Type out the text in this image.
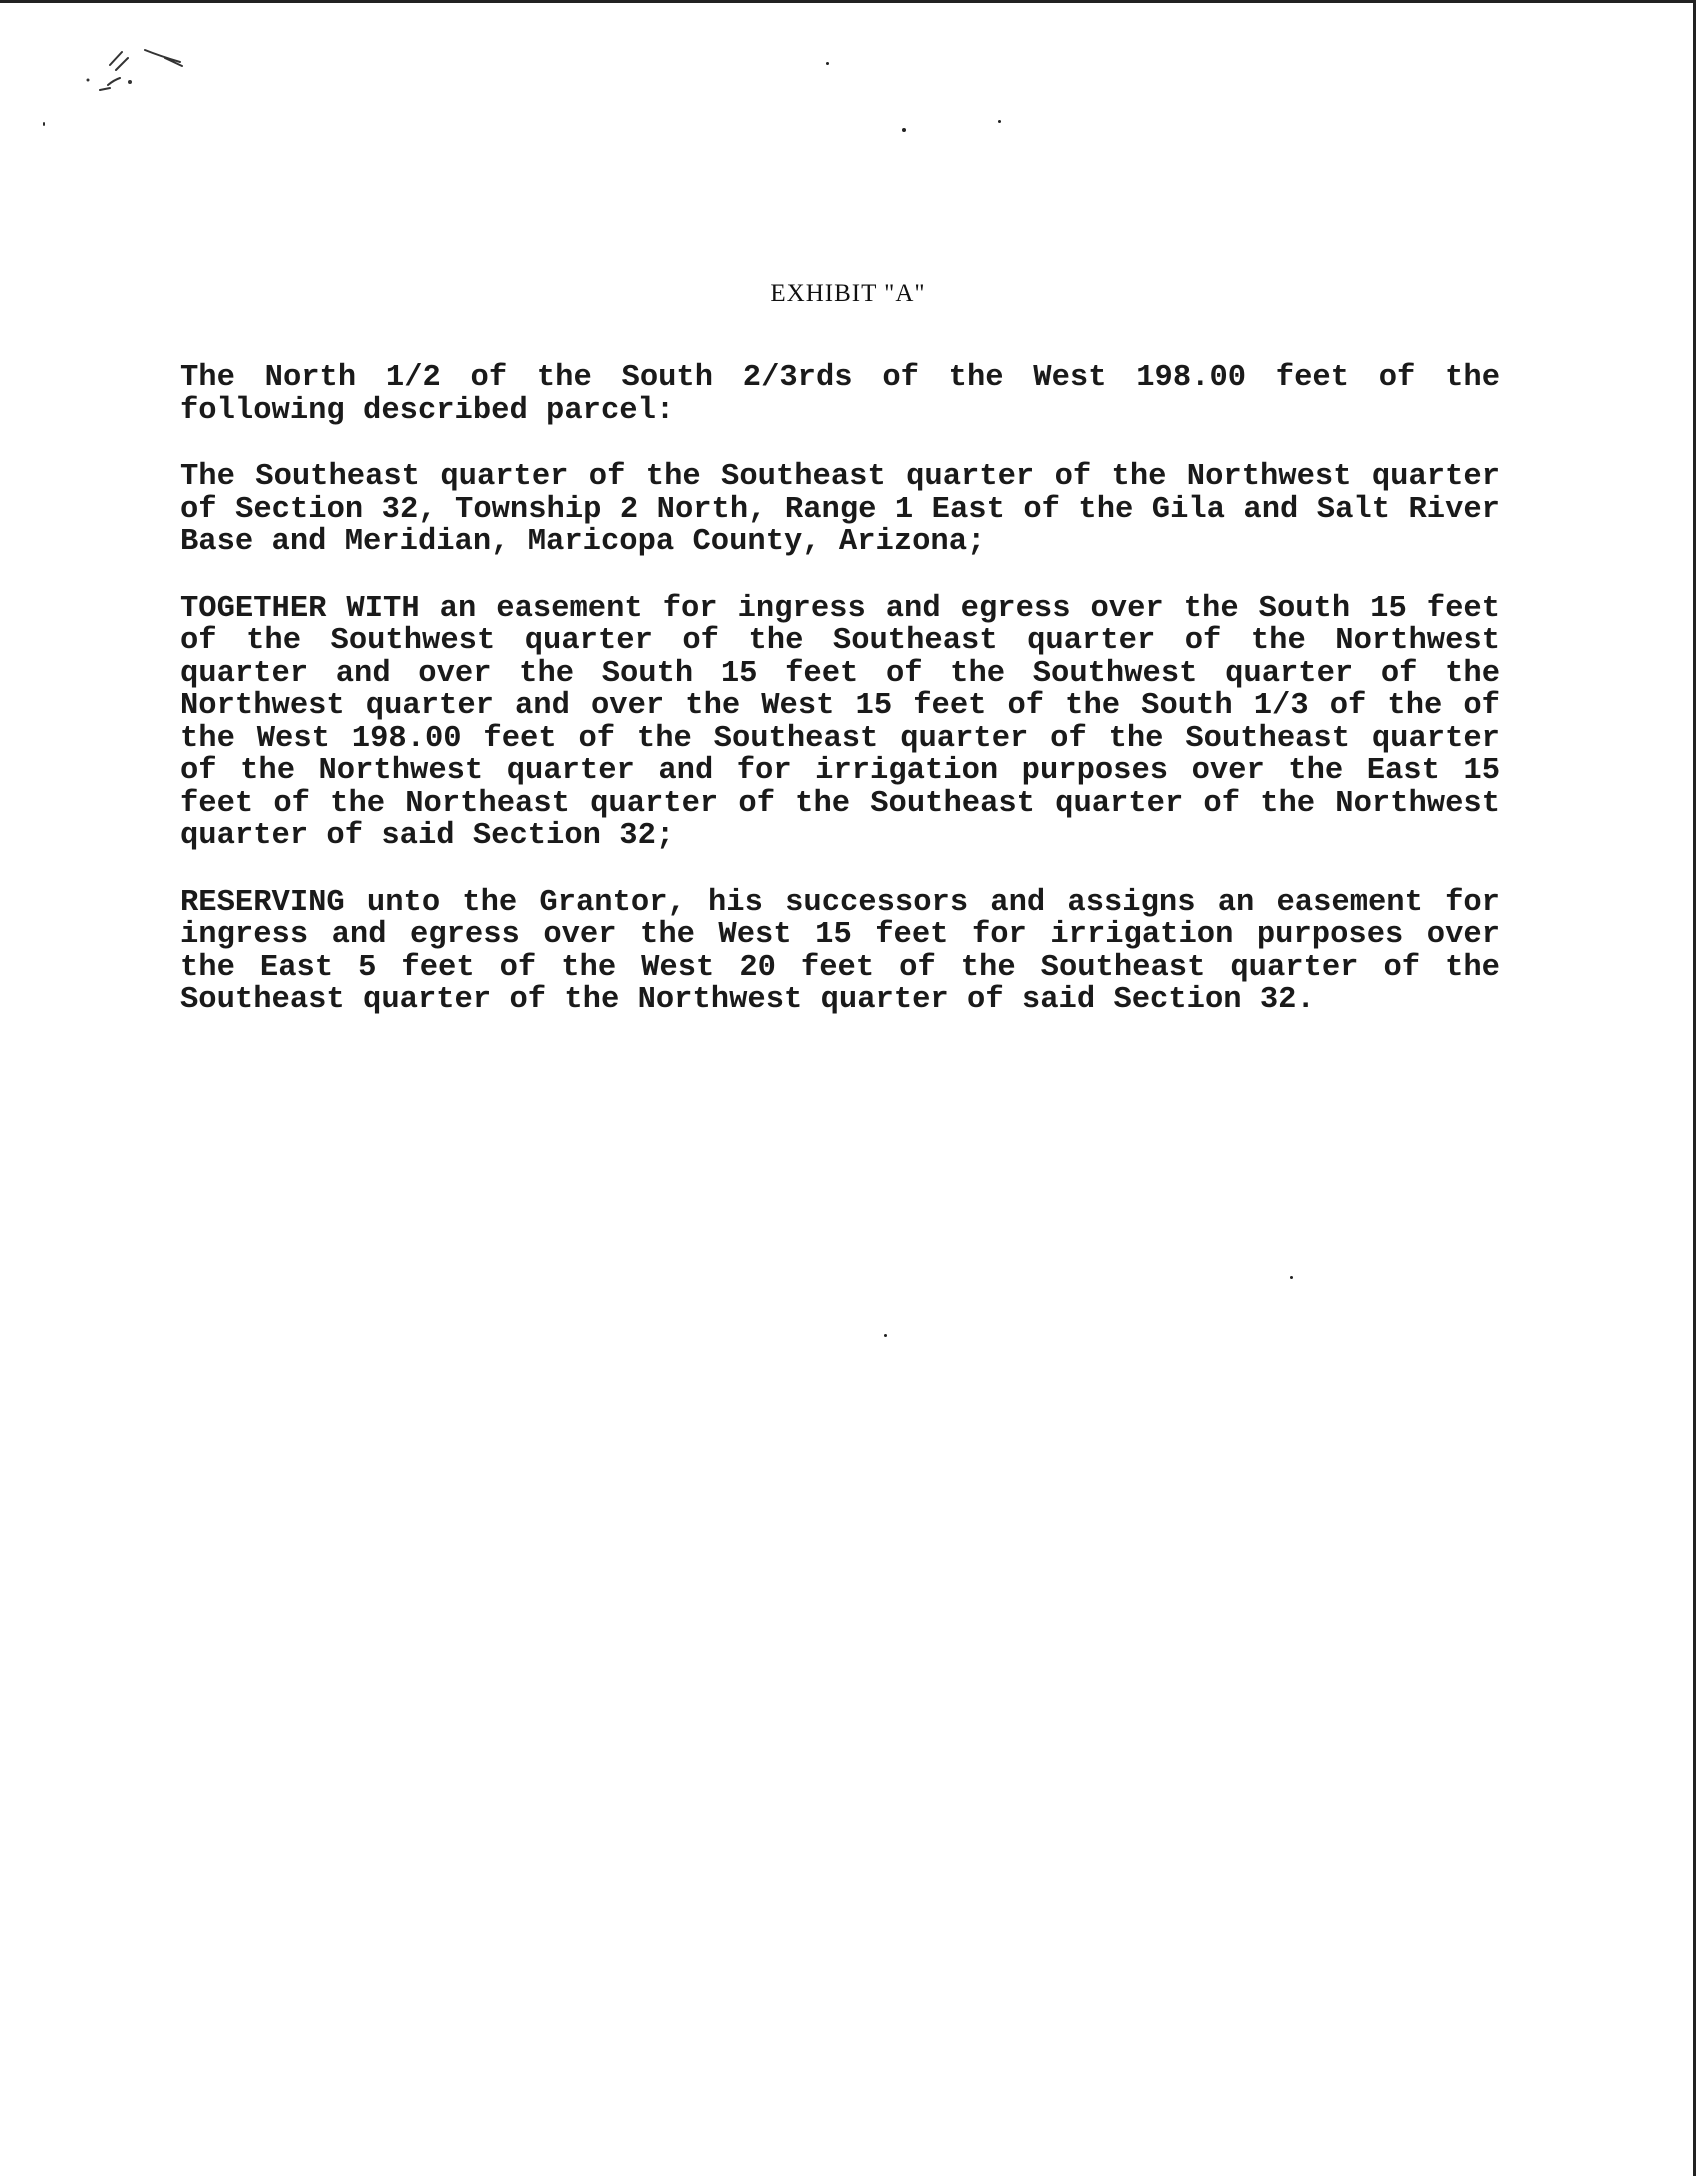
EXHIBIT "A"

The North 1/2 of the South 2/3rds of the West 198.00 feet of the following described parcel:

The Southeast quarter of the Southeast quarter of the Northwest quarter of Section 32, Township 2 North, Range 1 East of the Gila and Salt River Base and Meridian, Maricopa County, Arizona;

TOGETHER WITH an easement for ingress and egress over the South 15 feet of the Southwest quarter of the Southeast quarter of the Northwest quarter and over the South 15 feet of the Southwest quarter of the Northwest quarter and over the West 15 feet of the South 1/3 of the of the West 198.00 feet of the Southeast quarter of the Southeast quarter of the Northwest quarter and for irrigation purposes over the East 15 feet of the Northeast quarter of the Southeast quarter of the Northwest quarter of said Section 32;

RESERVING unto the Grantor, his successors and assigns an easement for ingress and egress over the West 15 feet for irrigation purposes over the East 5 feet of the West 20 feet of the Southeast quarter of the Southeast quarter of the Northwest quarter of said Section 32.
